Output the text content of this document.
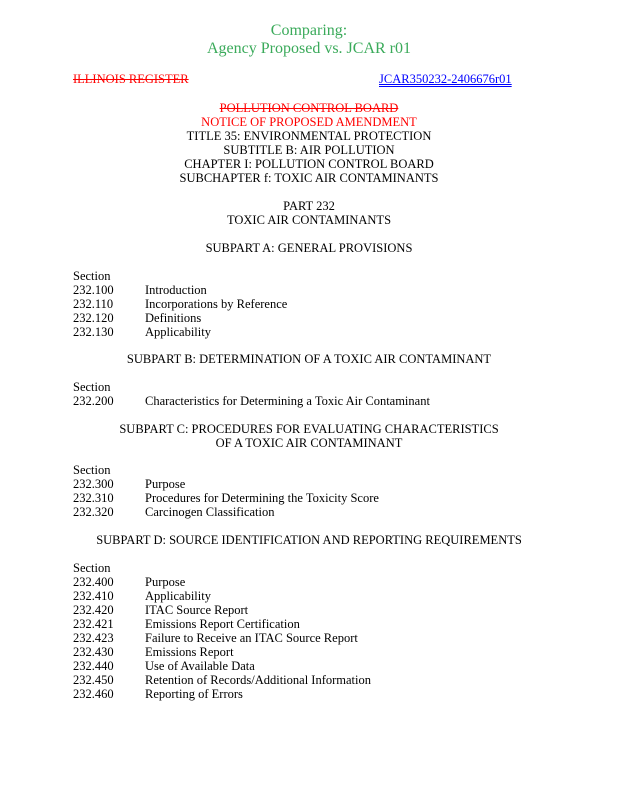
Comparing:
Agency Proposed vs. JCAR r01
ILLINOIS REGISTER	JCAR350232-2406676r01
POLLUTION CONTROL BOARD
NOTICE OF PROPOSED AMENDMENT
TITLE 35: ENVIRONMENTAL PROTECTION
SUBTITLE B: AIR POLLUTION
CHAPTER I: POLLUTION CONTROL BOARD
SUBCHAPTER f: TOXIC AIR CONTAMINANTS
PART 232
TOXIC AIR CONTAMINANTS
SUBPART A: GENERAL PROVISIONS
Section
232.100	Introduction
232.110	Incorporations by Reference
232.120	Definitions
232.130	Applicability
SUBPART B: DETERMINATION OF A TOXIC AIR CONTAMINANT
Section
232.200	Characteristics for Determining a Toxic Air Contaminant
SUBPART C: PROCEDURES FOR EVALUATING CHARACTERISTICS
OF A TOXIC AIR CONTAMINANT
Section
232.300	Purpose
232.310	Procedures for Determining the Toxicity Score
232.320	Carcinogen Classification
SUBPART D: SOURCE IDENTIFICATION AND REPORTING REQUIREMENTS
Section
232.400	Purpose
232.410	Applicability
232.420	ITAC Source Report
232.421	Emissions Report Certification
232.423	Failure to Receive an ITAC Source Report
232.430	Emissions Report
232.440	Use of Available Data
232.450	Retention of Records/Additional Information
232.460	Reporting of Errors
